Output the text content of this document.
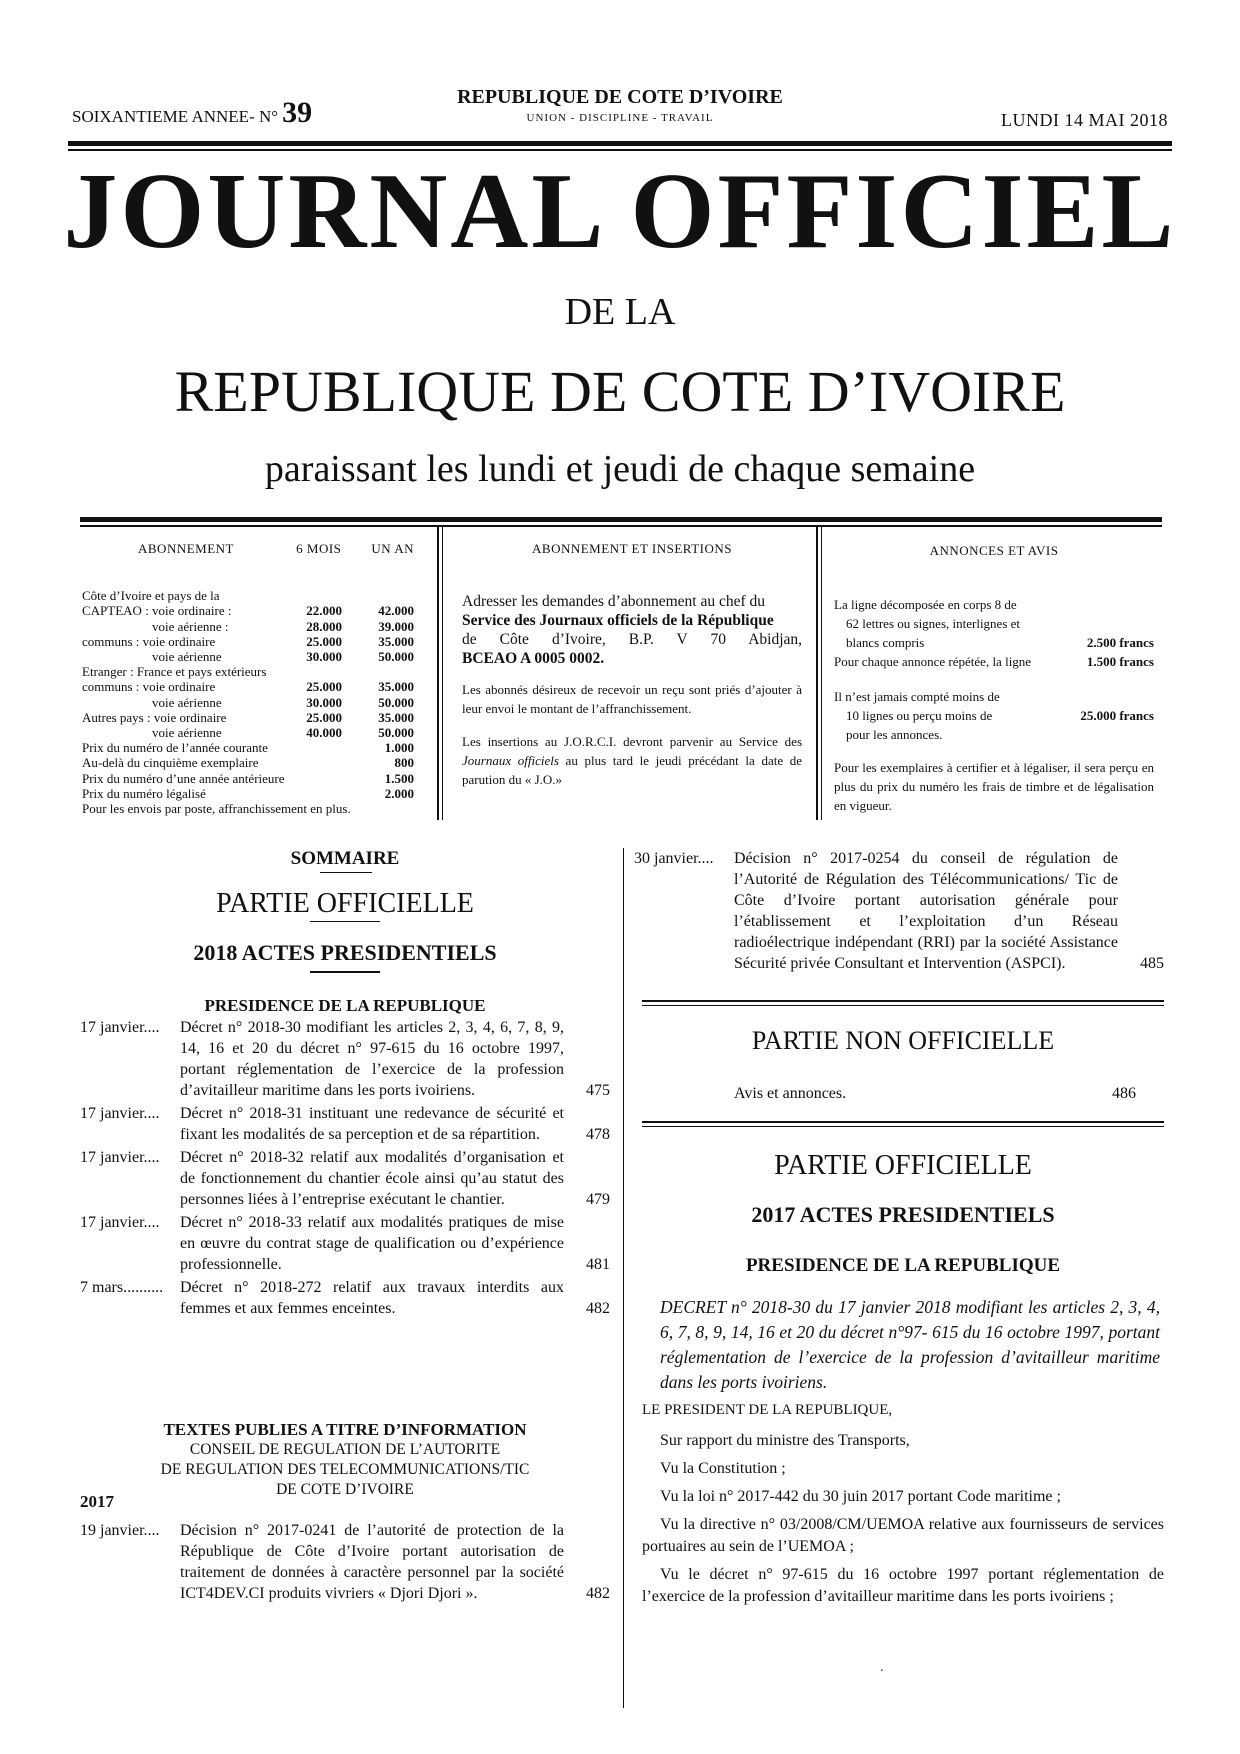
SOIXANTIEME ANNEE- N° 39	REPUBLIQUE DE COTE D’IVOIRE
UNION - DISCIPLINE - TRAVAIL	LUNDI 14 MAI 2018
JOURNAL OFFICIEL
DE LA
REPUBLIQUE DE COTE D’IVOIRE
paraissant les lundi et jeudi de chaque semaine
ABONNEMENT	6 MOIS UN AN
Côte d’Ivoire et pays de la
CAPTEAO : voie ordinaire :	22.000	42.000
voie aérienne :	28.000	39.000
communs : voie ordinaire	25.000	35.000
voie aérienne	30.000	50.000
Etranger : France et pays extérieurs
communs : voie ordinaire	25.000	35.000
voie aérienne	30.000	50.000
Autres pays : voie ordinaire	25.000	35.000
voie aérienne	40.000	50.000
Prix du numéro de l’année courante	1.000
Au-delà du cinquième exemplaire	800
Prix du numéro d’une année antérieure	1.500
Prix du numéro légalisé	2.000
Pour les envois par poste, affranchissement en plus.
ABONNEMENT ET INSERTIONS
Adresser les demandes d’abonnement au chef du
Service des Journaux officiels de la République
de Côte d’Ivoire, B.P. V 70 Abidjan,
BCEAO A 0005 0002.
Les abonnés désireux de recevoir un reçu sont priés d’ajouter à leur envoi le montant de l’affranchissement.
Les insertions au J.O.R.C.I. devront parvenir au Service des Journaux officiels au plus tard le jeudi précédant la date de parution du « J.O.»
ANNONCES ET AVIS
La ligne décomposée en corps 8 de
62 lettres ou signes, interlignes et
blancs compris	2.500 francs
Pour chaque annonce répétée, la ligne	1.500 francs
Il n’est jamais compté moins de
10 lignes ou perçu moins de	25.000 francs
pour les annonces.
Pour les exemplaires à certifier et à légaliser, il sera perçu en plus du prix du numéro les frais de timbre et de légalisation en vigueur.
SOMMAIRE
PARTIE OFFICIELLE
2018 ACTES PRESIDENTIELS
PRESIDENCE DE LA REPUBLIQUE
17 janvier....	Décret n° 2018-30 modifiant les articles 2, 3, 4, 6, 7, 8, 9, 14, 16 et 20 du décret n° 97-615 du 16 octobre 1997, portant réglementation de l’exercice de la profession d’avitailleur maritime dans les ports ivoiriens.	475
17 janvier....	Décret n° 2018-31 instituant une redevance de sécurité et fixant les modalités de sa perception et de sa répartition.	478
17 janvier....	Décret n° 2018-32 relatif aux modalités d’organisation et de fonctionnement du chantier école ainsi qu’au statut des personnes liées à l’entreprise exécutant le chantier.	479
17 janvier....	Décret n° 2018-33 relatif aux modalités pratiques de mise en œuvre du contrat stage de qualification ou d’expérience professionnelle.	481
7 mars..........	Décret n° 2018-272 relatif aux travaux interdits aux femmes et aux femmes enceintes.	482
TEXTES PUBLIES A TITRE D’INFORMATION
CONSEIL DE REGULATION DE L’AUTORITE
DE REGULATION DES TELECOMMUNICATIONS/TIC
DE COTE D’IVOIRE
2017
19 janvier....	Décision n° 2017-0241 de l’autorité de protection de la République de Côte d’Ivoire portant autorisation de traitement de données à caractère personnel par la société ICT4DEV.CI produits vivriers « Djori Djori ».	482
30 janvier....	Décision n° 2017-0254 du conseil de régulation de l’Autorité de Régulation des Télécommunications/ Tic de Côte d’Ivoire portant autorisation générale pour l’établissement et l’exploitation d’un Réseau radioélectrique indépendant (RRI) par la société Assistance Sécurité privée Consultant et Intervention (ASPCI).	485
PARTIE NON OFFICIELLE
Avis et annonces.	486
PARTIE OFFICIELLE
2017 ACTES PRESIDENTIELS
PRESIDENCE DE LA REPUBLIQUE
DECRET n° 2018-30 du 17 janvier 2018 modifiant les articles 2, 3, 4, 6, 7, 8, 9, 14, 16 et 20 du décret n°97- 615 du 16 octobre 1997, portant réglementation de l’exercice de la profession d’avitailleur maritime dans les ports ivoiriens.
LE PRESIDENT DE LA REPUBLIQUE,
Sur rapport du ministre des Transports,
Vu la Constitution ;
Vu la loi n° 2017-442 du 30 juin 2017 portant Code maritime ;
Vu la directive n° 03/2008/CM/UEMOA relative aux fournisseurs de services portuaires au sein de l’UEMOA ;
Vu le décret n° 97-615 du 16 octobre 1997 portant réglementation de l’exercice de la profession d’avitailleur maritime dans les ports ivoiriens ;
.
